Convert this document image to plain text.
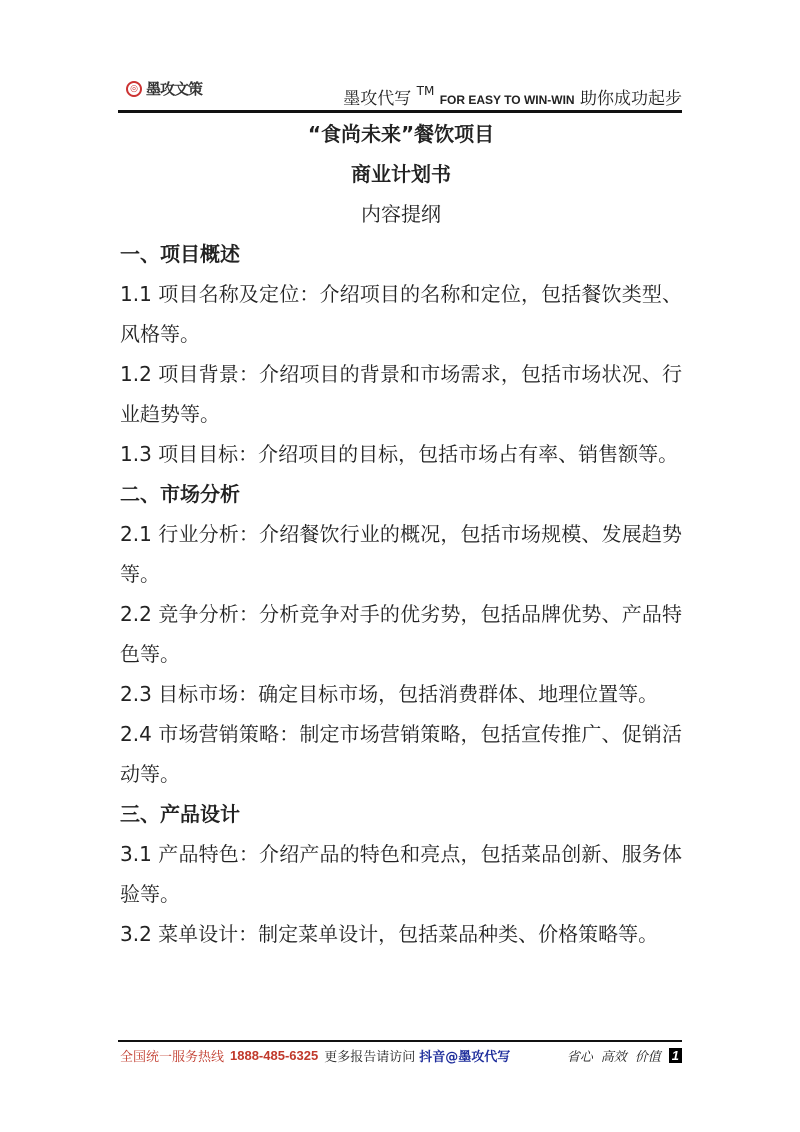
◎ 墨攻文策	墨攻代写 ™ FOR EASY TO WIN-WIN 助你成功起步
“食尚未来”餐饮项目
商业计划书
内容提纲
一、项目概述

1.1 项目名称及定位：介绍项目的名称和定位，包括餐饮类型、风格等。

1.2 项目背景：介绍项目的背景和市场需求，包括市场状况、行业趋势等。

1.3 项目目标：介绍项目的目标，包括市场占有率、销售额等。

二、市场分析

2.1 行业分析：介绍餐饮行业的概况，包括市场规模、发展趋势等。

2.2 竞争分析：分析竞争对手的优劣势，包括品牌优势、产品特色等。

2.3 目标市场：确定目标市场，包括消费群体、地理位置等。

2.4 市场营销策略：制定市场营销策略，包括宣传推广、促销活动等。

三、产品设计

3.1 产品特色：介绍产品的特色和亮点，包括菜品创新、服务体验等。

3.2 菜单设计：制定菜单设计，包括菜品种类、价格策略等。

全国统一服务热线 1888-485-6325 更多报告请访问 抖音@墨攻代写	省心 高效 价值 1
